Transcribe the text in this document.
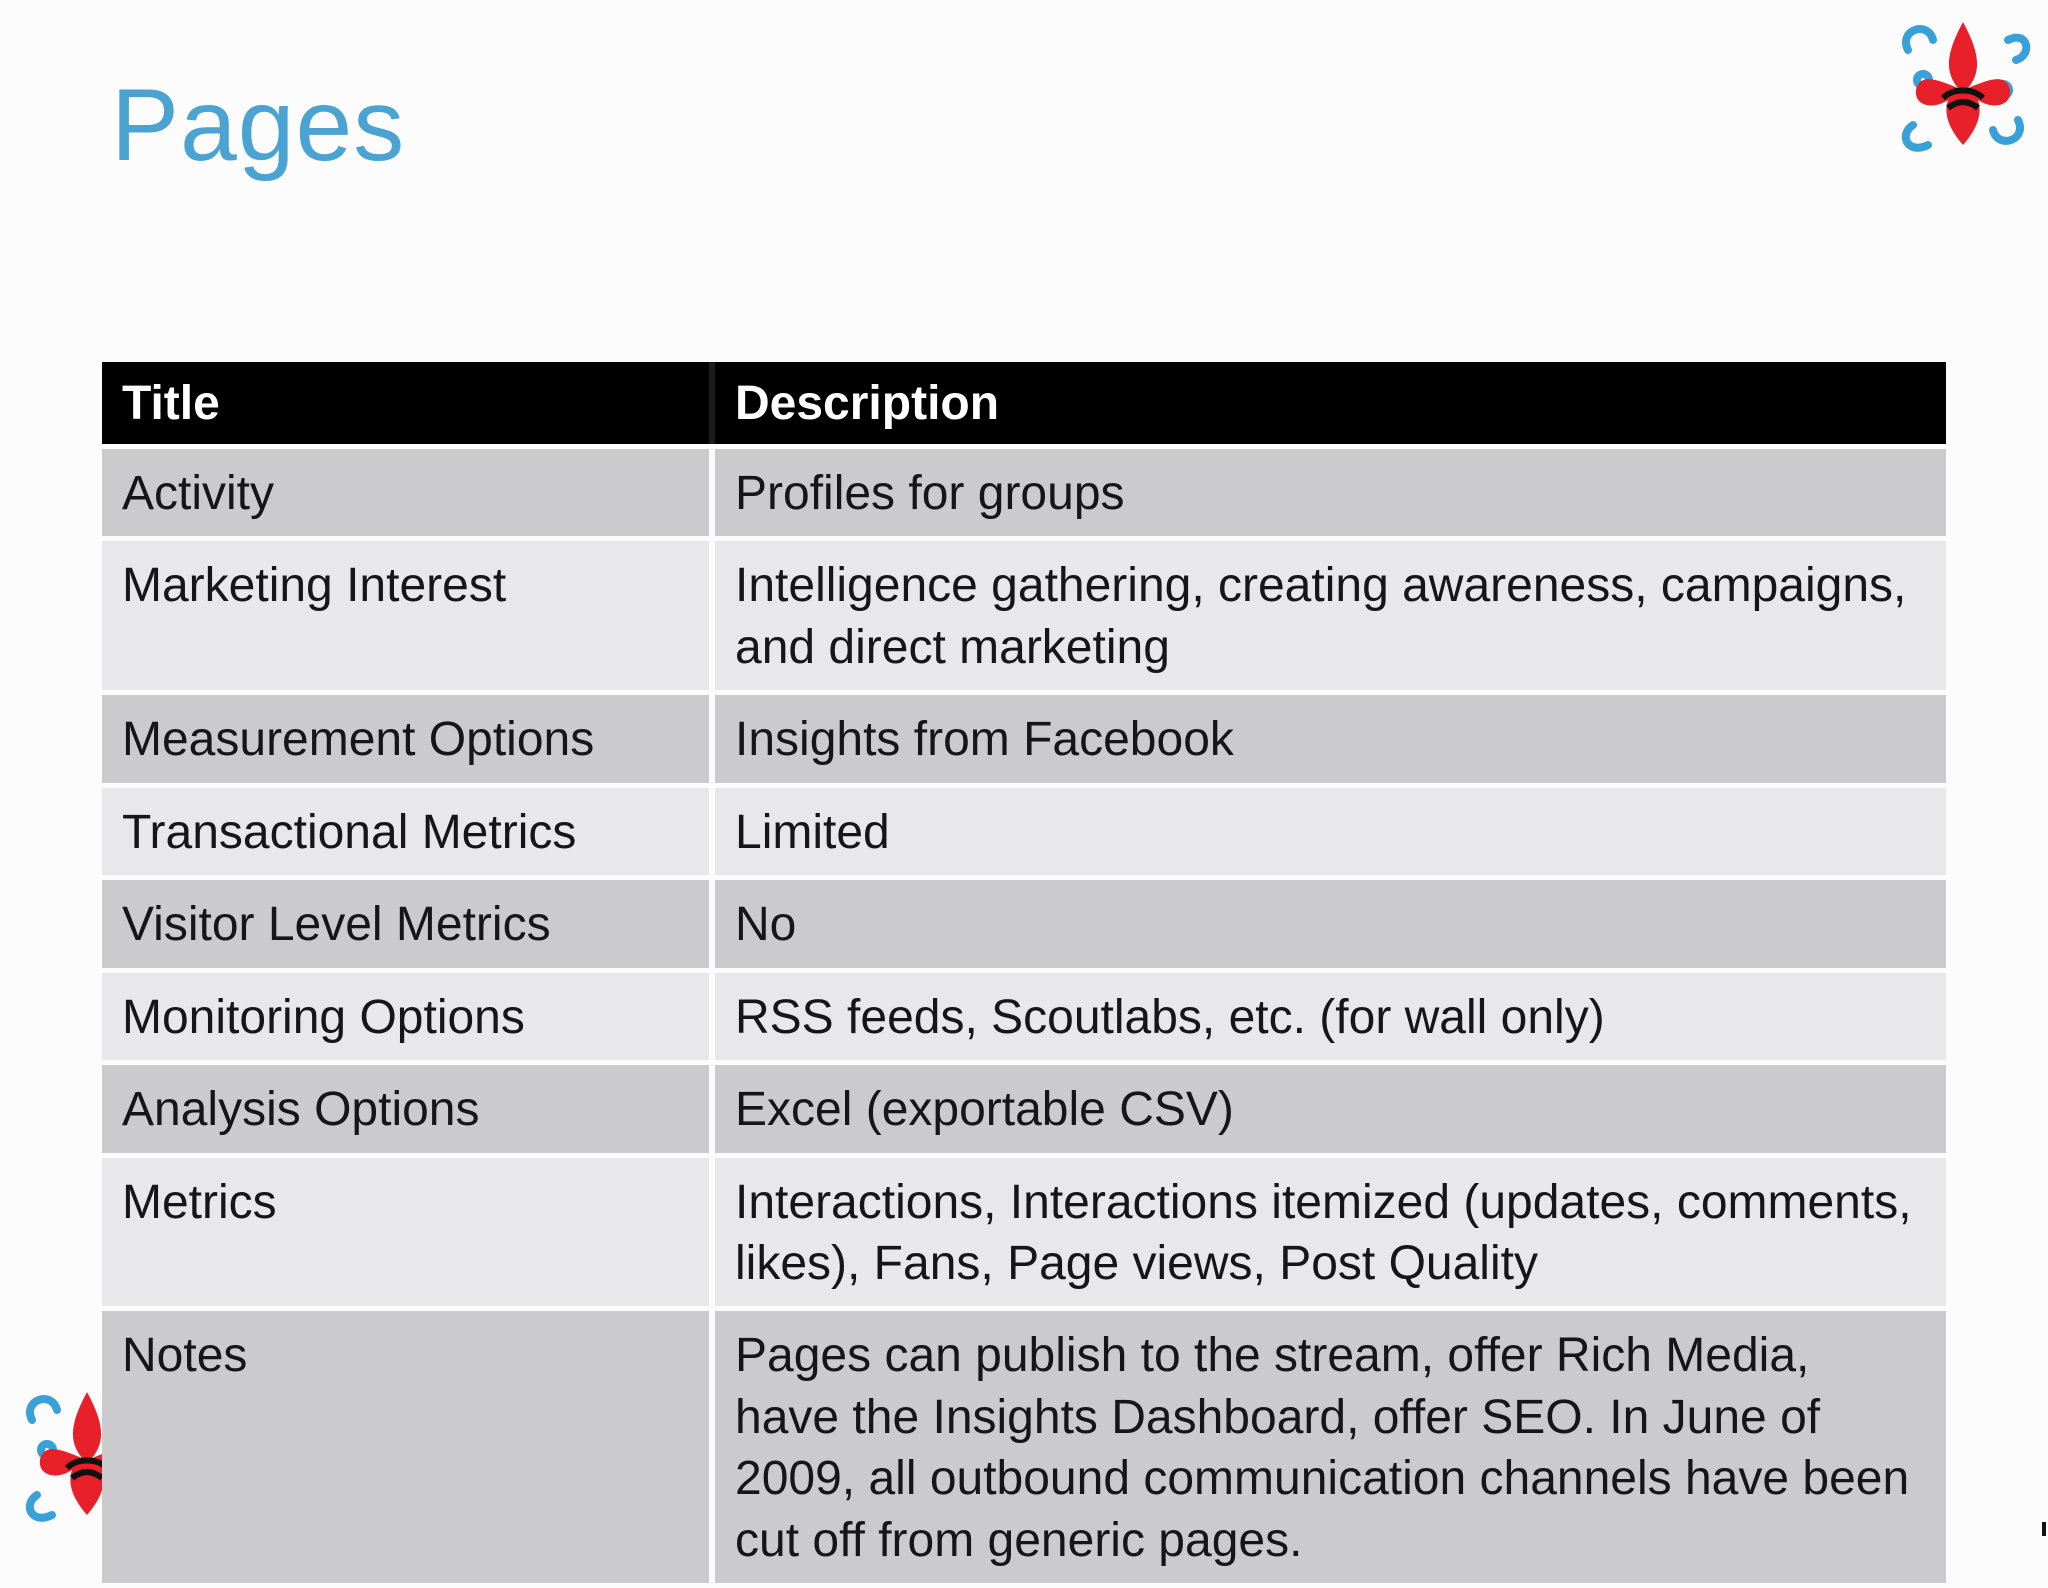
Pages
Title	Description
Activity	Profiles for groups
Marketing Interest	Intelligence gathering, creating awareness, campaigns, and direct marketing
Measurement Options	Insights from Facebook
Transactional Metrics	Limited
Visitor Level Metrics	No
Monitoring Options	RSS feeds, Scoutlabs, etc. (for wall only)
Analysis Options	Excel (exportable CSV)
Metrics	Interactions, Interactions itemized (updates, comments, likes), Fans, Page views, Post Quality
Notes	Pages can publish to the stream, offer Rich Media, have the Insights Dashboard, offer SEO. In June of 2009, all outbound communication channels have been cut off from generic pages.
